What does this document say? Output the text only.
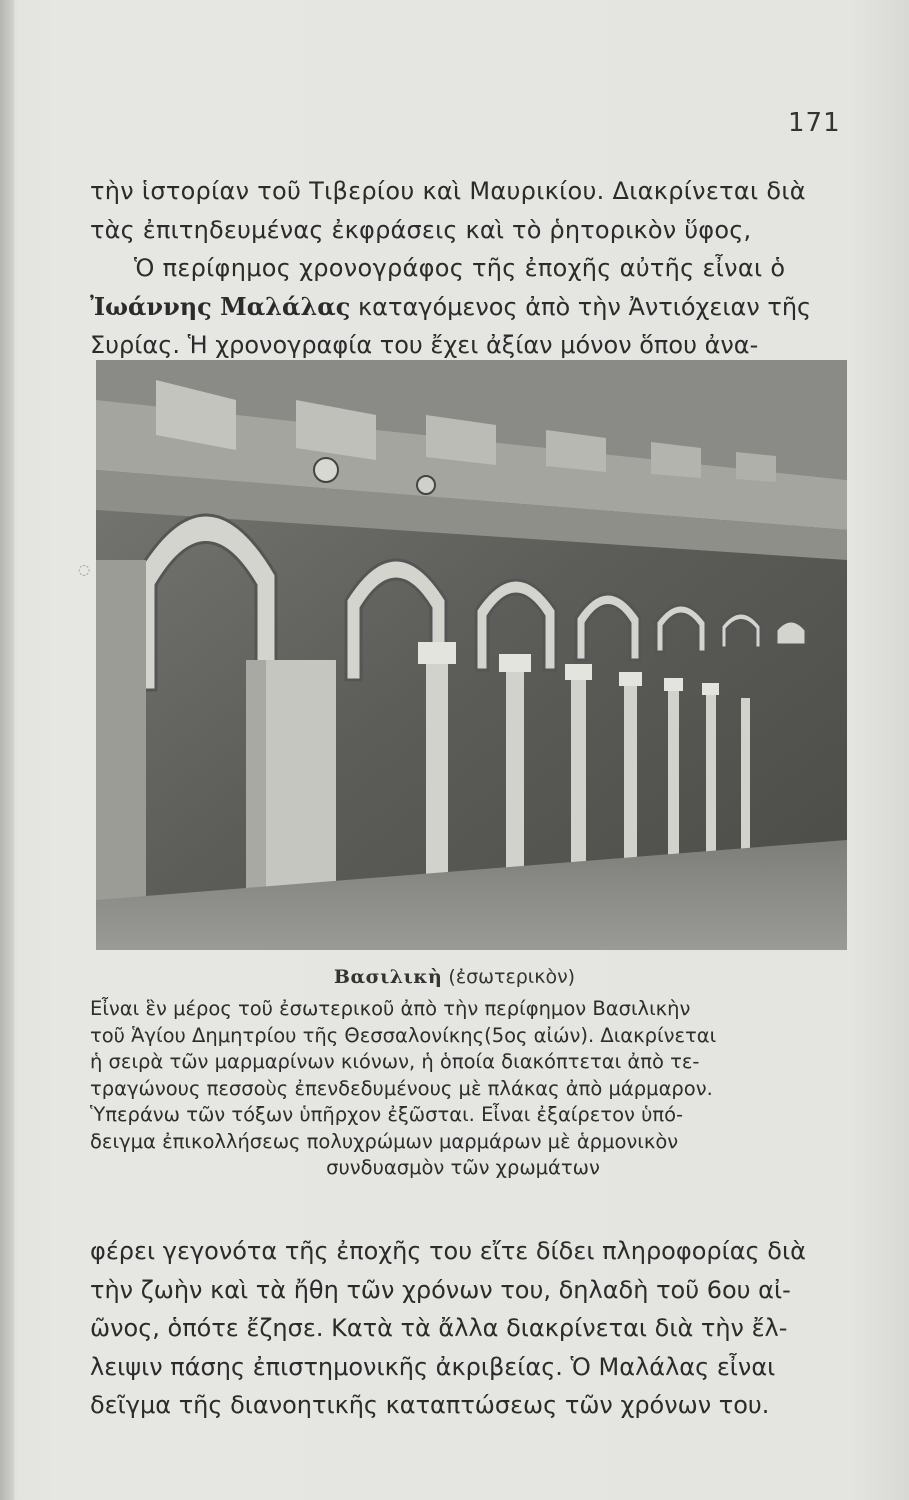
171
τὴν ἱστορίαν τοῦ Τιβερίου καὶ Μαυρικίου. Διακρίνεται διὰ
τὰς ἐπιτηδευμένας ἐκφράσεις καὶ τὸ ῥητορικὸν ὕφος,
Ὁ περίφημος χρονογράφος τῆς ἐποχῆς αὐτῆς εἶναι ὁ
Ἰωάννης Μαλάλας καταγόμενος ἀπὸ τὴν Ἀντιόχειαν τῆς
Συρίας. Ἡ χρονογραφία του ἔχει ἀξίαν μόνον ὅπου ἀνα-
Βασιλικὴ (ἐσωτερικὸν)
Εἶναι ἓν μέρος τοῦ ἐσωτερικοῦ ἀπὸ τὴν περίφημον Βασιλικὴν
τοῦ Ἁγίου Δημητρίου τῆς Θεσσαλονίκης(5ος αἰών). Διακρίνεται
ἡ σειρὰ τῶν μαρμαρίνων κιόνων, ἡ ὁποία διακόπτεται ἀπὸ τε-
τραγώνους πεσσοὺς ἐπενδεδυμένους μὲ πλάκας ἀπὸ μάρμαρον.
Ὑπεράνω τῶν τόξων ὑπῆρχον ἐξῶσται. Εἶναι ἐξαίρετον ὑπό-
δειγμα ἐπικολλήσεως πολυχρώμων μαρμάρων μὲ ἁρμονικὸν
συνδυασμὸν τῶν χρωμάτων
φέρει γεγονότα τῆς ἐποχῆς του εἴτε δίδει πληροφορίας διὰ
τὴν ζωὴν καὶ τὰ ἤθη τῶν χρόνων του, δηλαδὴ τοῦ 6ου αἰ-
ῶνος, ὁπότε ἔζησε. Κατὰ τὰ ἄλλα διακρίνεται διὰ τὴν ἔλ-
λειψιν πάσης ἐπιστημονικῆς ἀκριβείας. Ὁ Μαλάλας εἶναι
δεῖγμα τῆς διανοητικῆς καταπτώσεως τῶν χρόνων του.
◌
